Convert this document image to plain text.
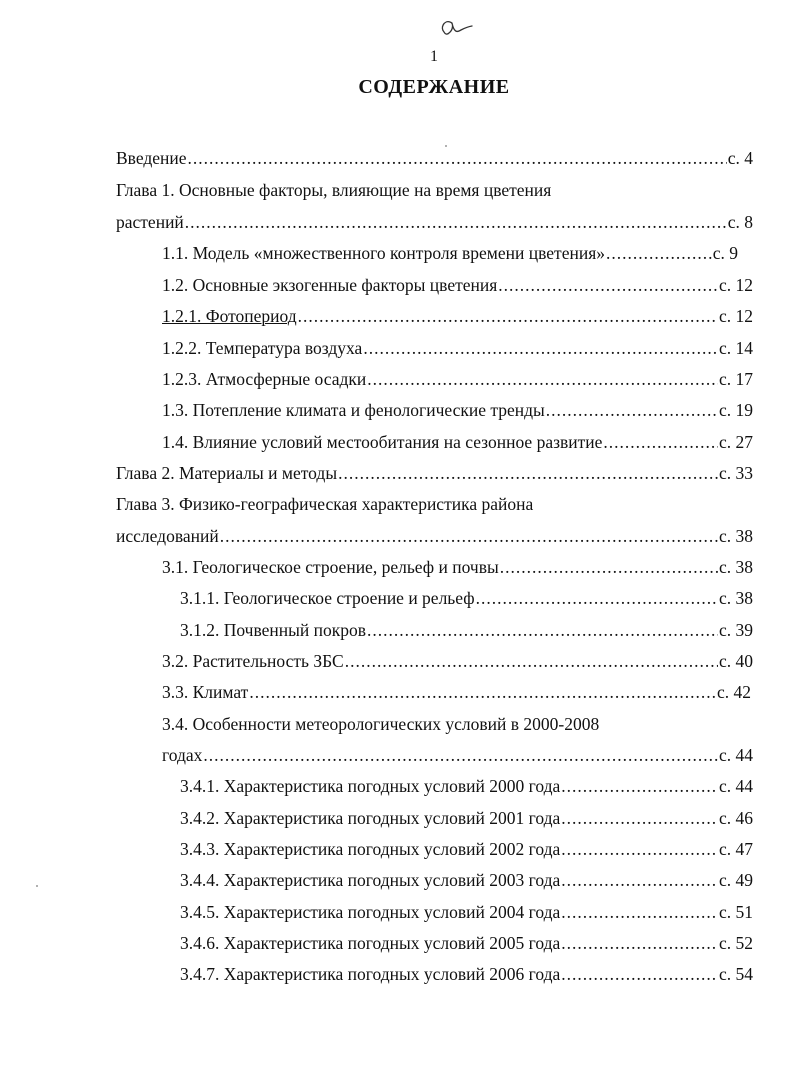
1
СОДЕРЖАНИЕ
Введение .....	с. 4
Глава 1. Основные факторы, влияющие на время цветения
растений .....	с. 8
1.1. Модель «множественного контроля времени цветения» .....	с. 9
1.2. Основные экзогенные факторы цветения .....	с. 12
1.2.1. Фотопериод .....	с. 12
1.2.2. Температура воздуха .....	с. 14
1.2.3. Атмосферные осадки .....	с. 17
1.3. Потепление климата и фенологические тренды .....	с. 19
1.4. Влияние условий местообитания на сезонное развитие .....	с. 27
Глава 2. Материалы и методы .....	с. 33
Глава 3. Физико-географическая характеристика района
исследований .....	с. 38
3.1. Геологическое строение, рельеф и почвы .....	с. 38
3.1.1. Геологическое строение и рельеф .....	с. 38
3.1.2. Почвенный покров .....	с. 39
3.2. Растительность ЗБС .....	с. 40
3.3. Климат .....	с. 42
3.4. Особенности метеорологических условий в 2000-2008
годах .....	с. 44
3.4.1. Характеристика погодных условий 2000 года .....	с. 44
3.4.2. Характеристика погодных условий 2001 года .....	с. 46
3.4.3. Характеристика погодных условий 2002 года .....	с. 47
3.4.4. Характеристика погодных условий 2003 года .....	с. 49
3.4.5. Характеристика погодных условий 2004 года .....	с. 51
3.4.6. Характеристика погодных условий 2005 года .....	с. 52
3.4.7. Характеристика погодных условий 2006 года .....	с. 54
